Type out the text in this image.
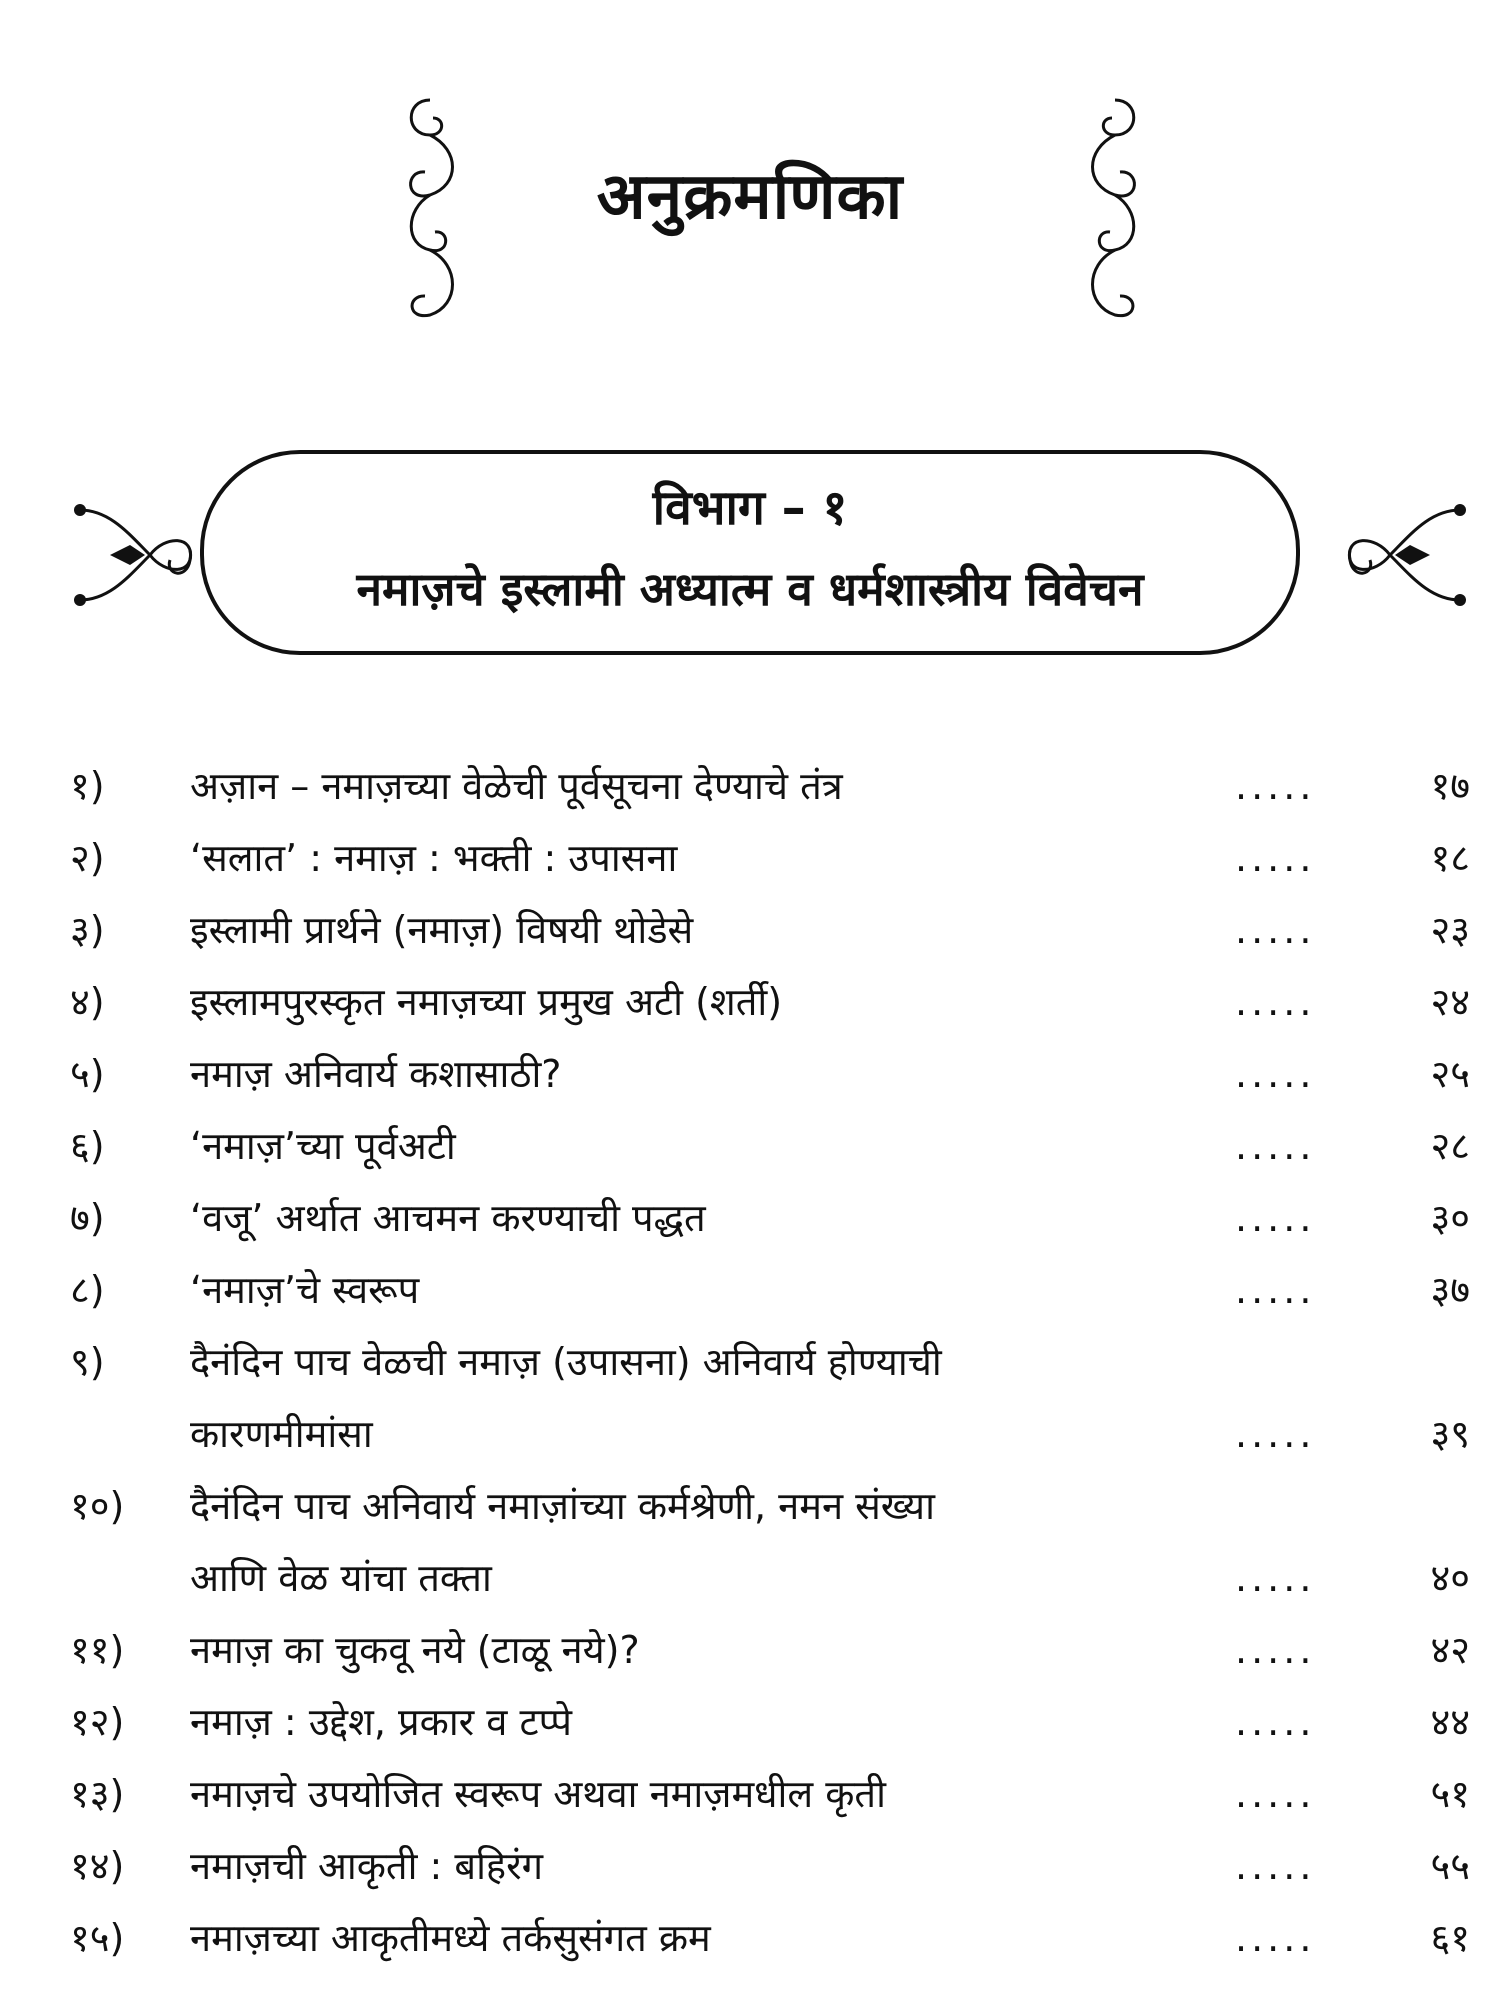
अनुक्रमणिका
विभाग – १
नमाज़चे इस्लामी अध्यात्म व धर्मशास्त्रीय विवेचन
१)	अज़ान – नमाज़च्या वेळेची पूर्वसूचना देण्याचे तंत्र	.....	१७
२)	‘सलात’ : नमाज़ : भक्ती : उपासना	.....	१८
३)	इस्लामी प्रार्थने (नमाज़) विषयी थोडेसे	.....	२३
४)	इस्लामपुरस्कृत नमाज़च्या प्रमुख अटी (शर्ती)	.....	२४
५)	नमाज़ अनिवार्य कशासाठी?	.....	२५
६)	‘नमाज़’च्या पूर्वअटी	.....	२८
७)	‘वजू’ अर्थात आचमन करण्याची पद्धत	.....	३०
८)	‘नमाज़’चे स्वरूप	.....	३७
९)	दैनंदिन पाच वेळची नमाज़ (उपासना) अनिवार्य होण्याची
कारणमीमांसा	.....	३९
१०)	दैनंदिन पाच अनिवार्य नमाज़ांच्या कर्मश्रेणी, नमन संख्या
आणि वेळ यांचा तक्ता	.....	४०
११)	नमाज़ का चुकवू नये (टाळू नये)?	.....	४२
१२)	नमाज़ : उद्देश, प्रकार व टप्पे	.....	४४
१३)	नमाज़चे उपयोजित स्वरूप अथवा नमाज़मधील कृती	.....	५१
१४)	नमाज़ची आकृती : बहिरंग	.....	५५
१५)	नमाज़च्या आकृतीमध्ये तर्कसुसंगत क्रम	.....	६१
